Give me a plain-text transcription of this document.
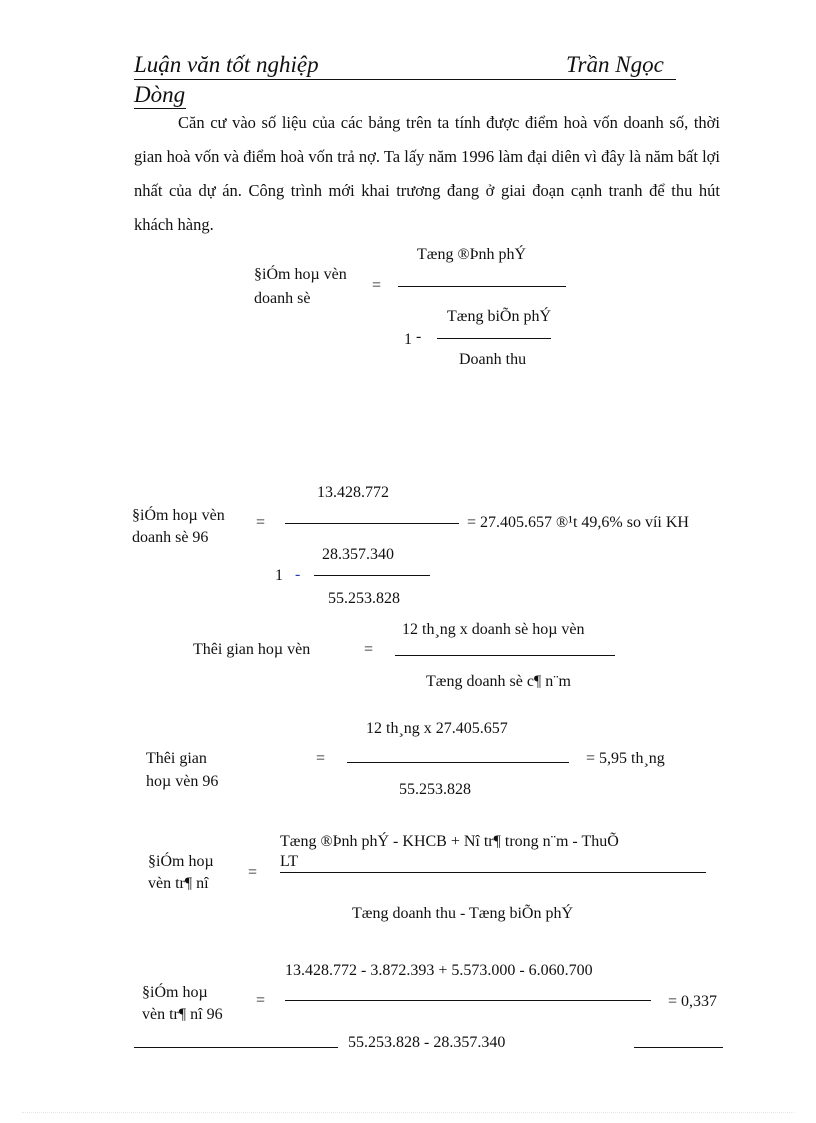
Luận văn tốt nghiệp	Trần Ngọc
Dòng

Căn cư vào số liệu của các bảng trên ta tính được điểm hoà vốn doanh số, thời gian hoà vốn và điểm hoà vốn trả nợ. Ta lấy năm 1996 làm đại diên vì đây là năm bất lợi nhất của dự án. Công trình mới khai trương đang ở giai đoạn cạnh tranh để thu hút khách hàng.

§iÓm hoµ vèn
doanh sè
=
Tæng ®Þnh phÝ
Tæng biÕn phÝ
1 -
Doanh thu
§iÓm hoµ vèn
doanh sè 96
=
13.428.772
= 27.405.657 ®¹t 49,6% so víi KH
28.357.340
1 -
55.253.828
Thêi gian hoµ vèn	=
12 th¸ng x doanh sè hoµ vèn
Tæng doanh sè c¶ n¨m
Thêi gian
hoµ vèn 96
=
12 th¸ng x 27.405.657
= 5,95 th¸ng
55.253.828
§iÓm hoµ
vèn tr¶ nî
=
Tæng ®Þnh phÝ - KHCB + Nî tr¶ trong n¨m - ThuÕ
LT
Tæng doanh thu - Tæng biÕn phÝ
§iÓm hoµ
vèn tr¶ nî 96
=
13.428.772 - 3.872.393 + 5.573.000 - 6.060.700
= 0,337
55.253.828 - 28.357.340
